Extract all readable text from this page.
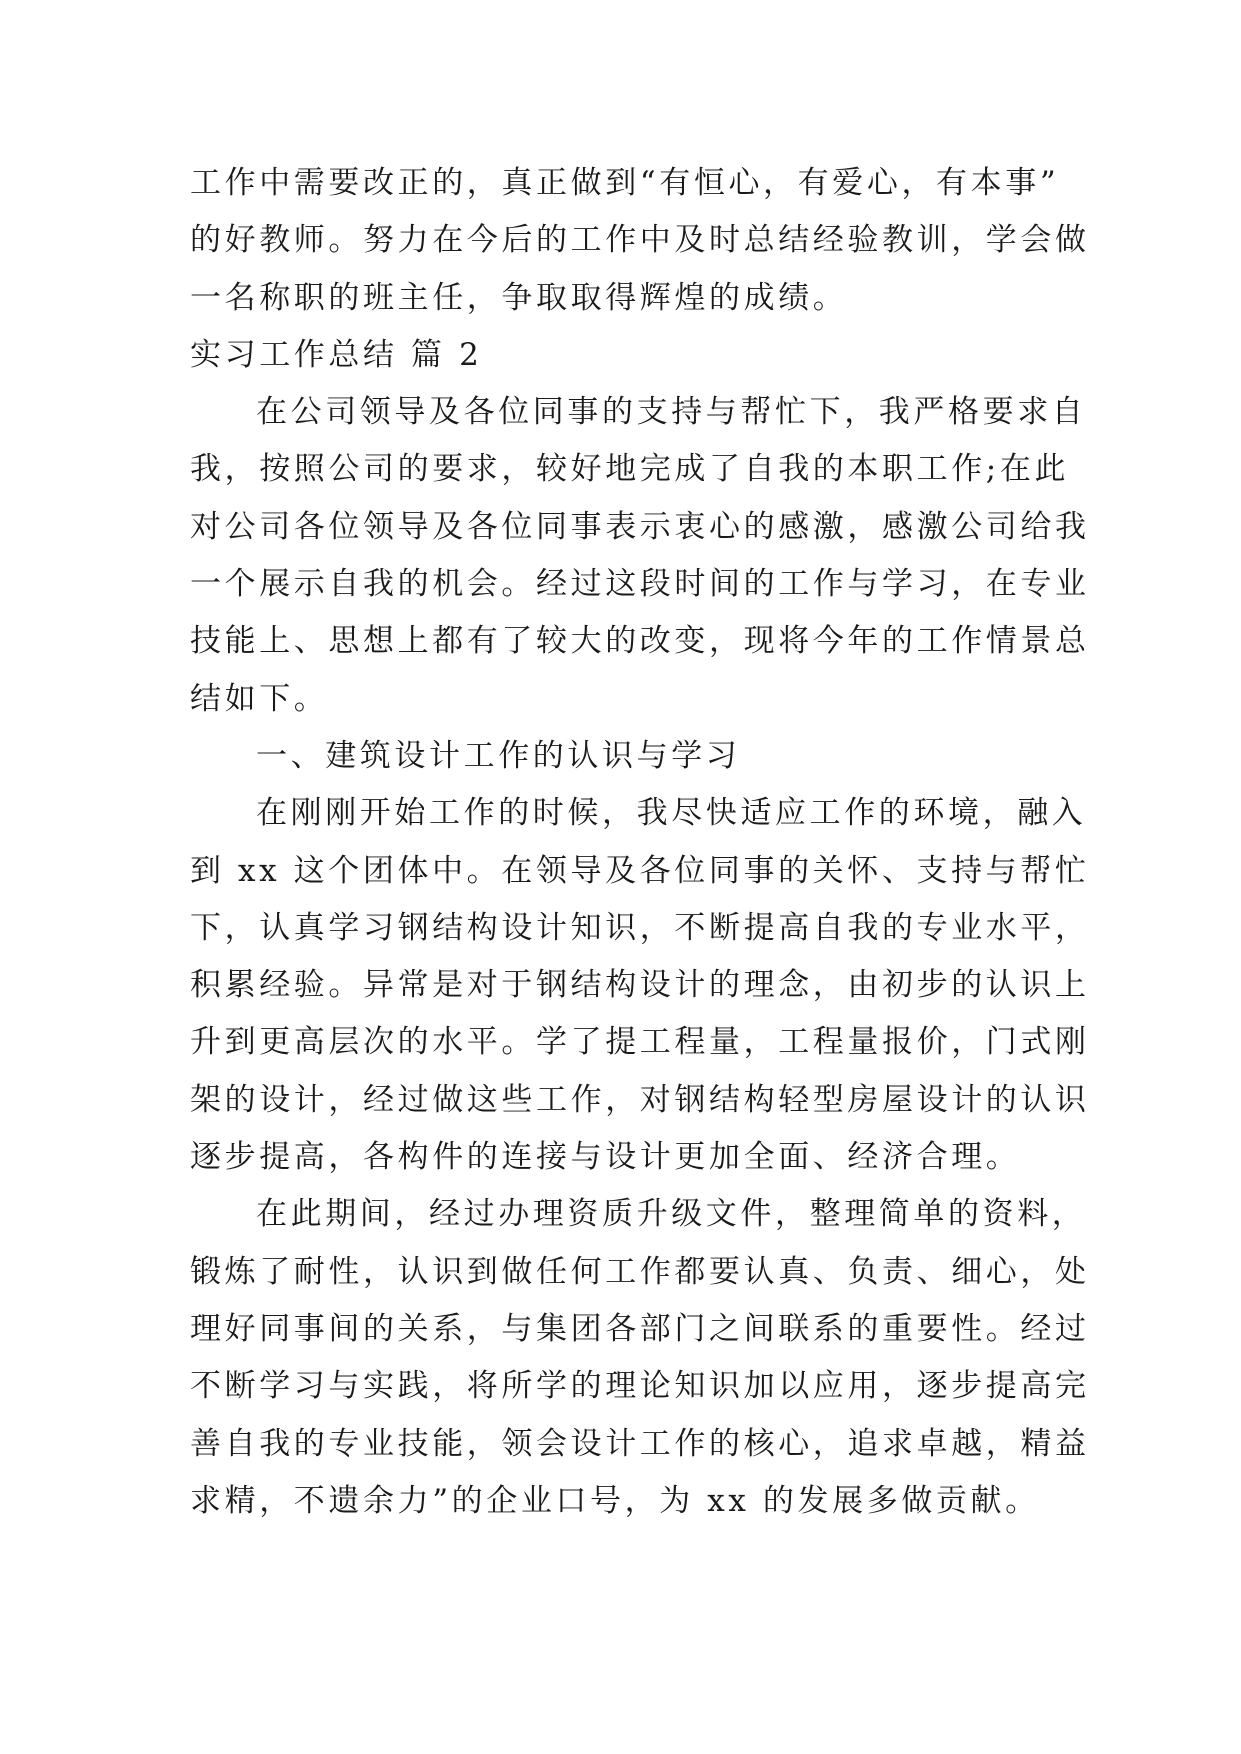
工作中需要改正的，真正做到“有恒心，有爱心，有本事”
的好教师。努力在今后的工作中及时总结经验教训，学会做
一名称职的班主任，争取取得辉煌的成绩。
实习工作总结 篇 2
在公司领导及各位同事的支持与帮忙下，我严格要求自
我，按照公司的要求，较好地完成了自我的本职工作;在此
对公司各位领导及各位同事表示衷心的感激，感激公司给我
一个展示自我的机会。经过这段时间的工作与学习，在专业
技能上、思想上都有了较大的改变，现将今年的工作情景总
结如下。
一、建筑设计工作的认识与学习
在刚刚开始工作的时候，我尽快适应工作的环境，融入
到 xx 这个团体中。在领导及各位同事的关怀、支持与帮忙
下，认真学习钢结构设计知识，不断提高自我的专业水平，
积累经验。异常是对于钢结构设计的理念，由初步的认识上
升到更高层次的水平。学了提工程量，工程量报价，门式刚
架的设计，经过做这些工作，对钢结构轻型房屋设计的认识
逐步提高，各构件的连接与设计更加全面、经济合理。
在此期间，经过办理资质升级文件，整理简单的资料，
锻炼了耐性，认识到做任何工作都要认真、负责、细心，处
理好同事间的关系，与集团各部门之间联系的重要性。经过
不断学习与实践，将所学的理论知识加以应用，逐步提高完
善自我的专业技能，领会设计工作的核心，追求卓越，精益
求精，不遗余力”的企业口号，为 xx 的发展多做贡献。
